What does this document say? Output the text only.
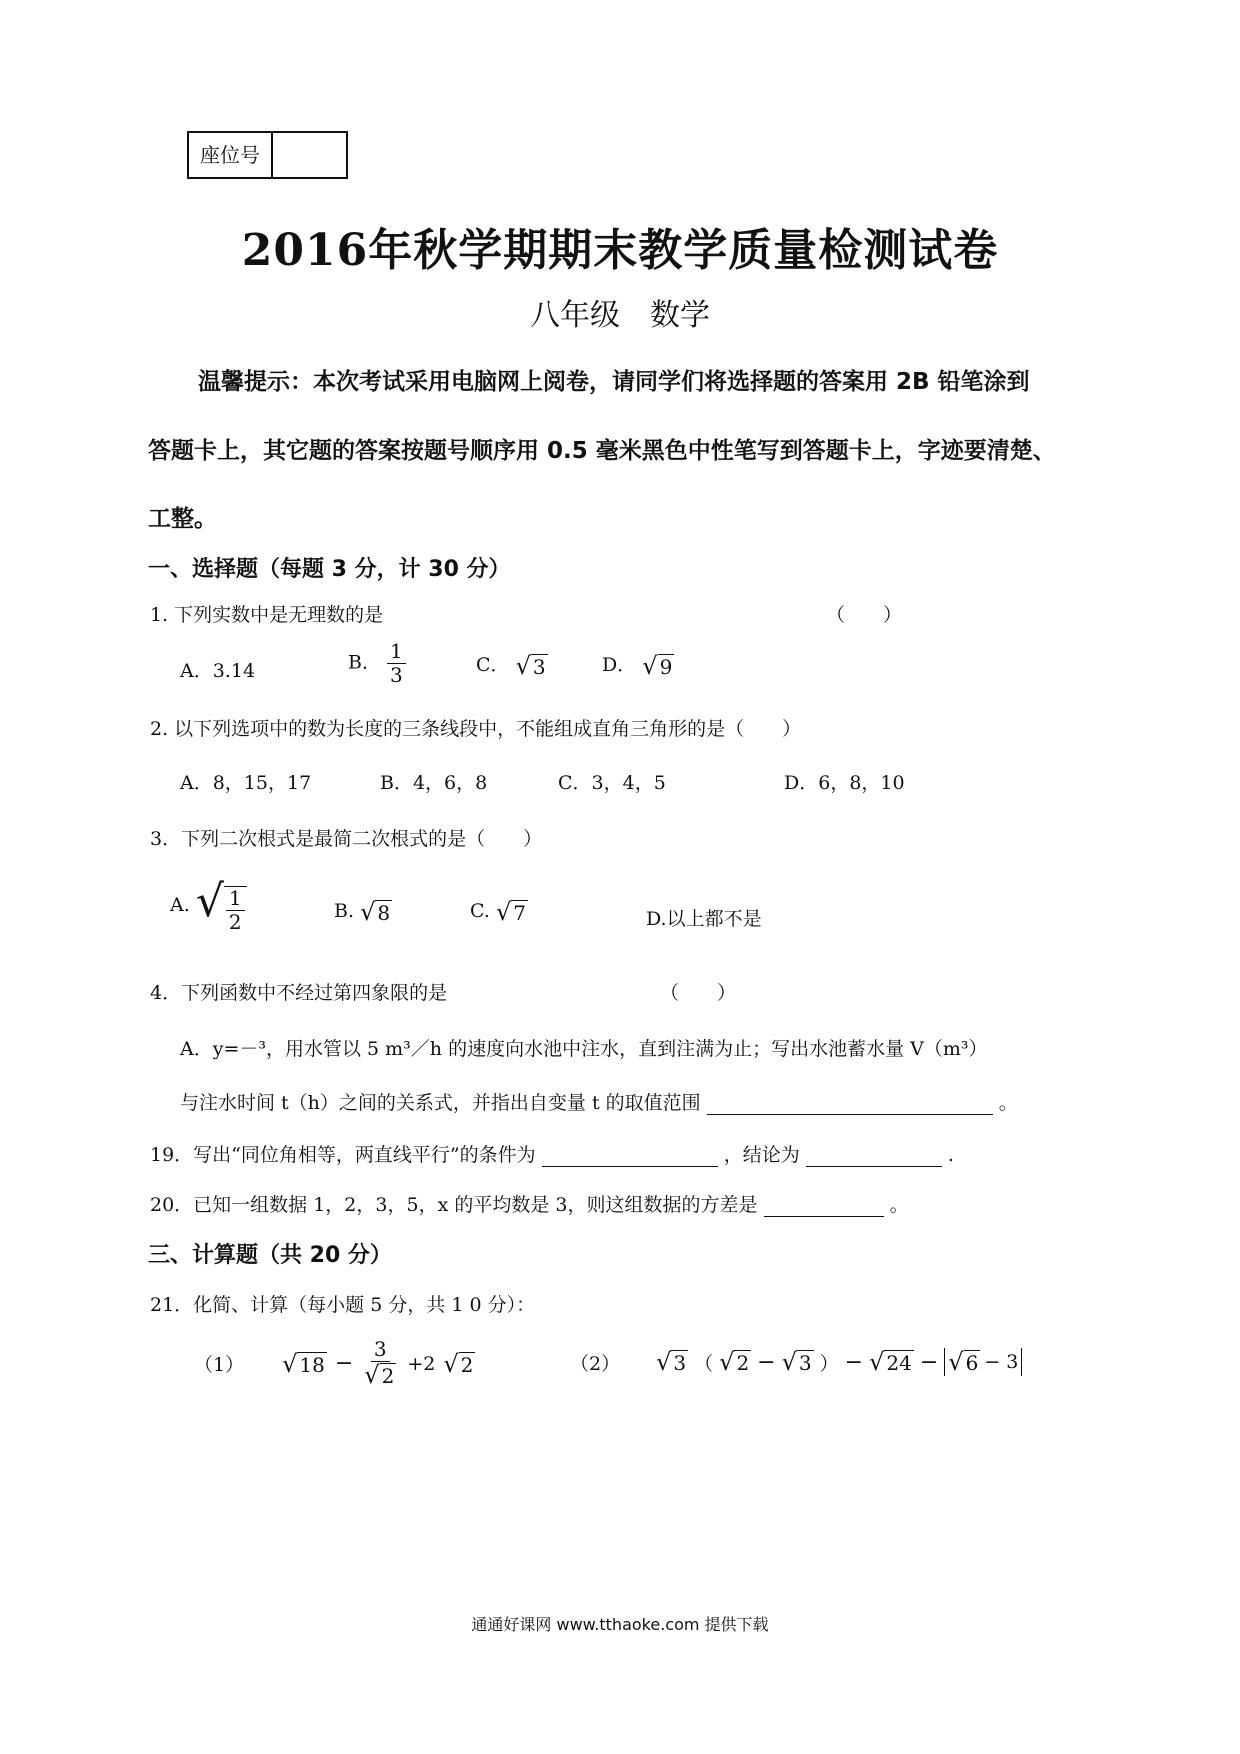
座位号
2016年秋学期期末教学质量检测试卷
八年级　数学
温馨提示：本次考试采用电脑网上阅卷，请同学们将选择题的答案用 2B 铅笔涂到
答题卡上，其它题的答案按题号顺序用 0.5 毫米黑色中性笔写到答题卡上，字迹要清楚、
工整。
一、选择题（每题 3 分，计 30 分）
1. 下列实数中是无理数的是	（　　）
A．3.14	B． $\frac{1}{3}$	C． √ 3	D． √ 9
2. 以下列选项中的数为长度的三条线段中，不能组成直角三角形的是（　　）
A．8，15，17	B．4，6，8	C．3，4，5	D．6，8，10
3．下列二次根式是最简二次根式的是（　　）
A. √ $\frac{1}{2}$	B. √ 8	C. √ 7	D.以上都不是
4．下列函数中不经过第四象限的是	（　　）
A．y=－³，用水管以 5 m³／h 的速度向水池中注水，直到注满为止；写出水池蓄水量 V（m³）
与注水时间 t（h）之间的关系式，并指出自变量 t 的取值范围	。
19．写出“同位角相等，两直线平行”的条件为	，结论为	.
20．已知一组数据 1，2，3，5，x 的平均数是 3，则这组数据的方差是	。
三、计算题（共 20 分）
21．化简、计算（每小题 5 分，共 1 0 分）：
（1） √ $18 - \frac{3}{√ 2} +2$ √ 2	（2） √ 3 （ √ 2 − √ 3 ） − √ 24 − √ 6 − 3
通通好课网 www.tthaoke.com 提供下载
